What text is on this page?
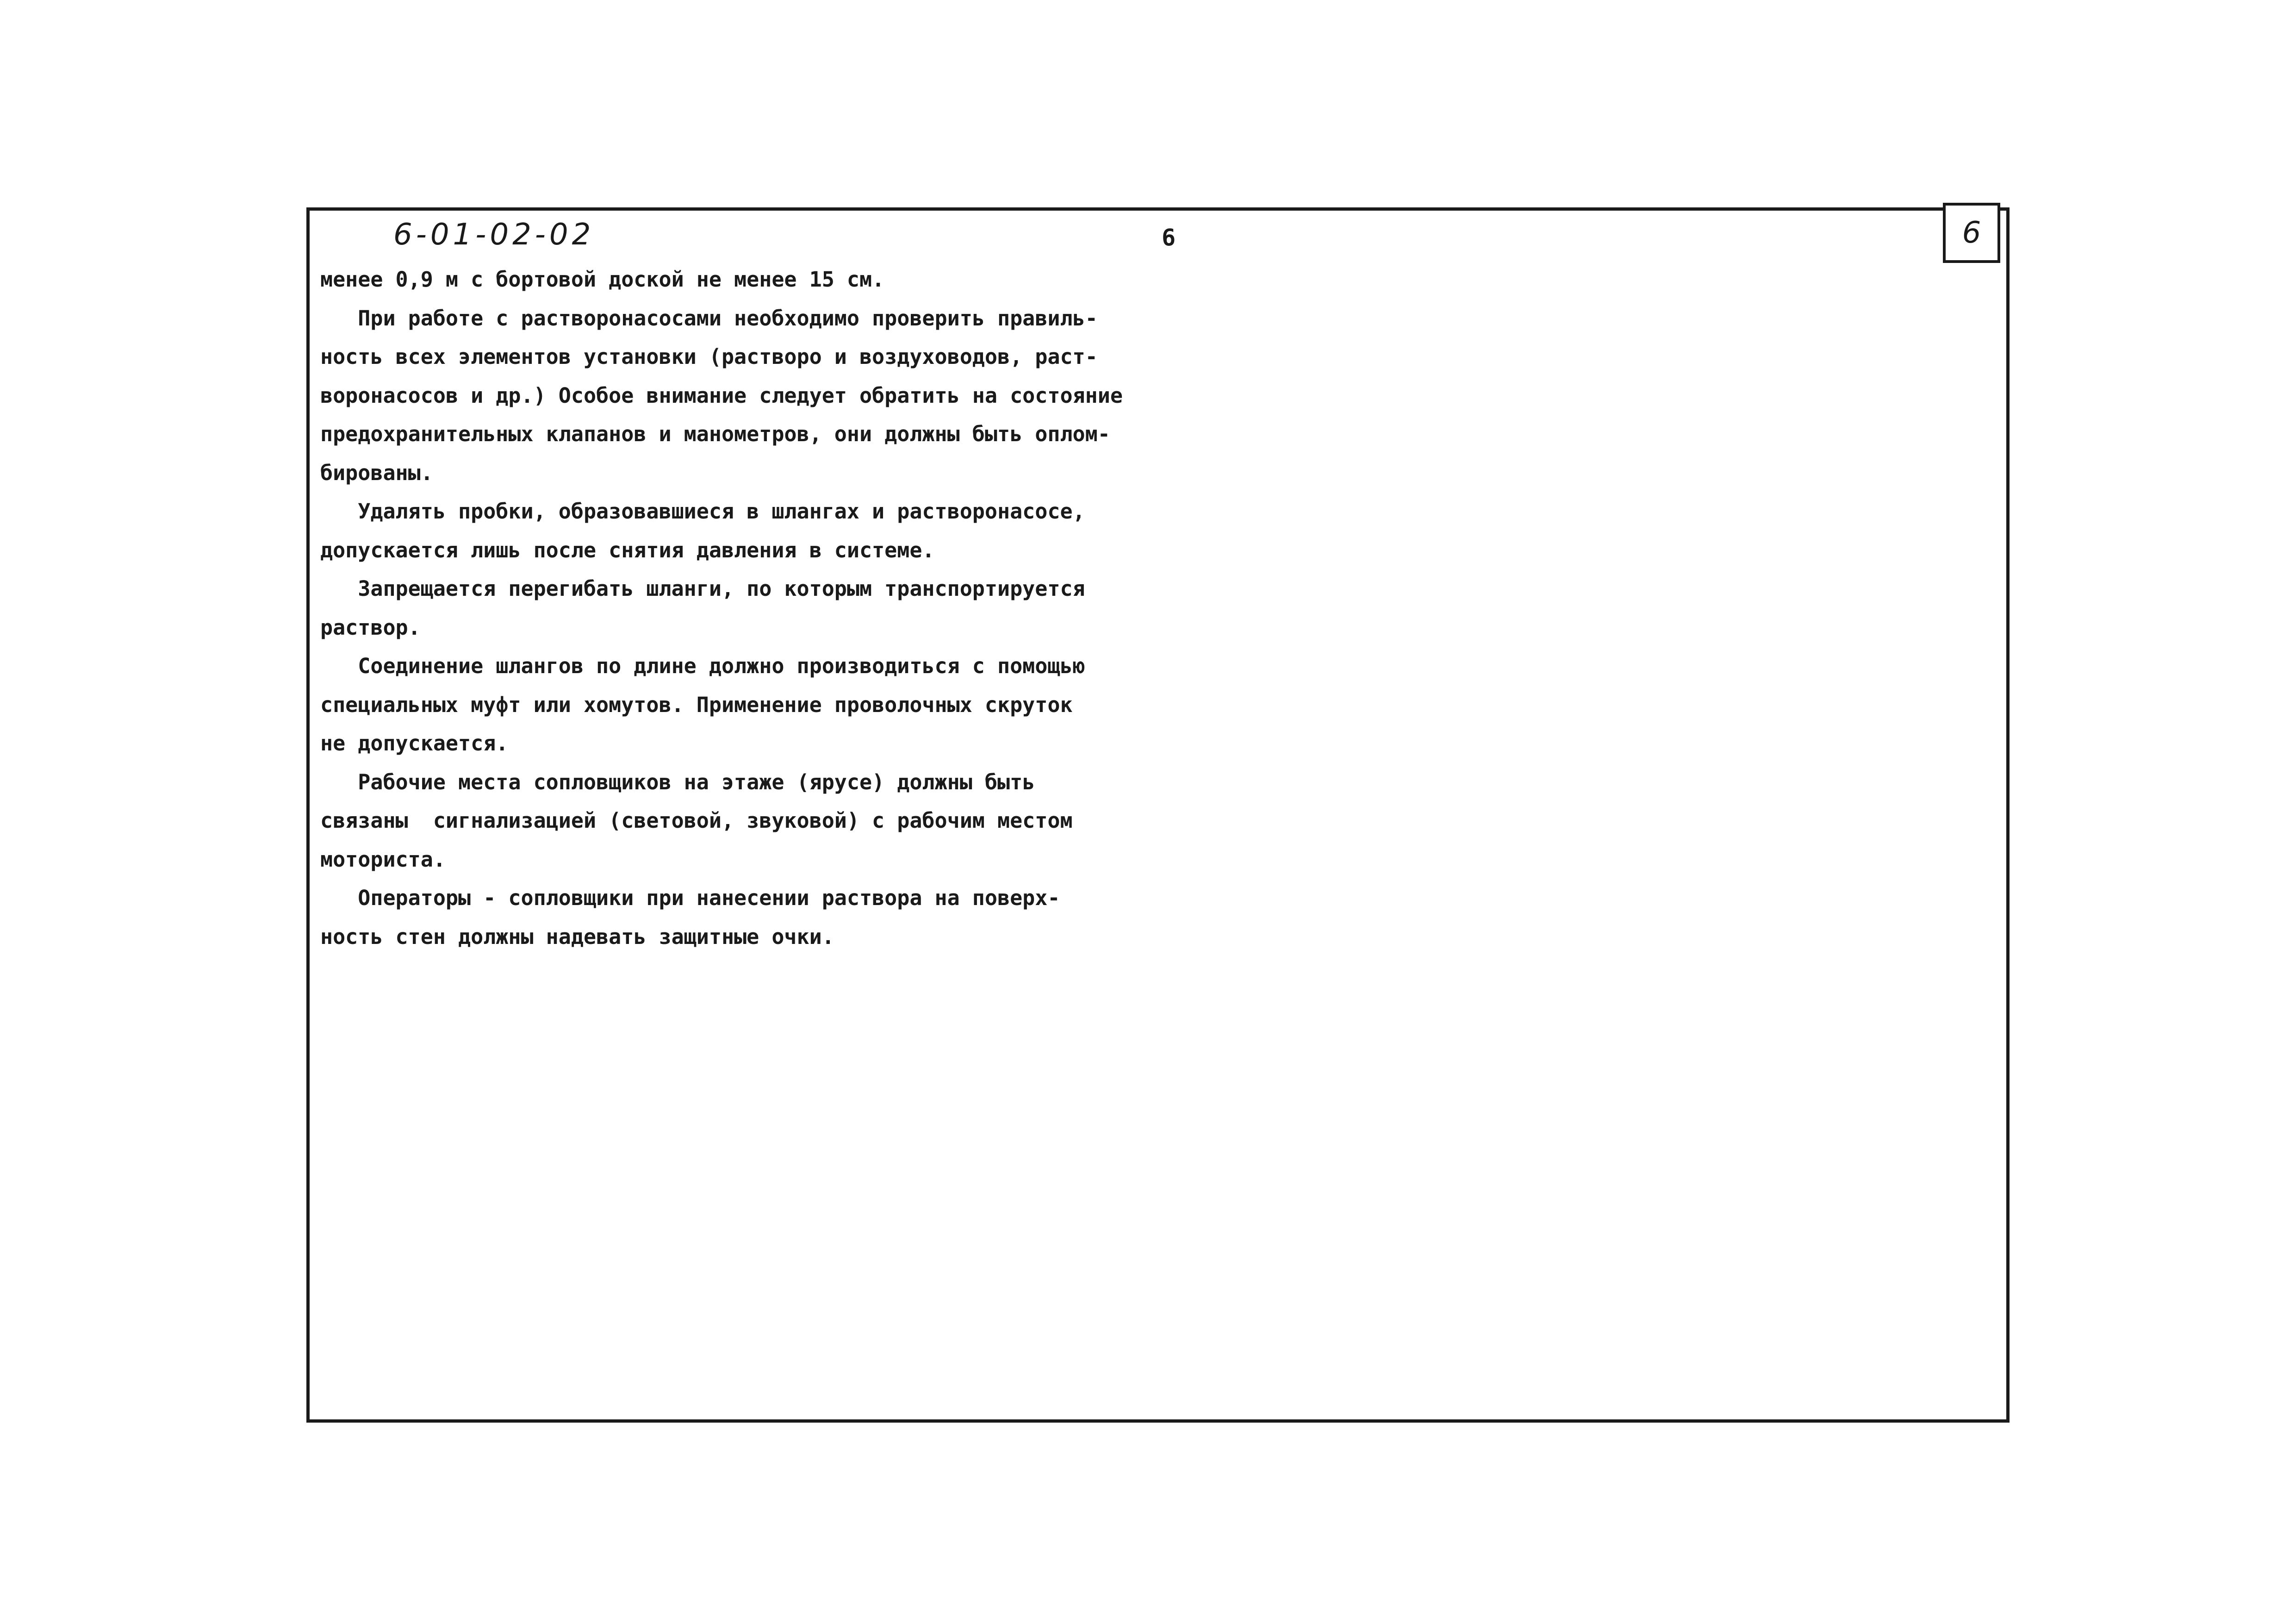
6-01-02-02	6	6

менее 0,9 м с бортовой доской не менее 15 см.

При работе с растворонасосами необходимо проверить правиль-

ность всех элементов установки (растворо и воздуховодов, раст-

воронасосов и др.) Особое внимание следует обратить на состояние

предохранительных клапанов и манометров, они должны быть оплом-

бированы.

Удалять пробки, образовавшиеся в шлангах и растворонасосе,

допускается лишь после снятия давления в системе.

Запрещается перегибать шланги, по которым транспортируется

раствор.

Соединение шлангов по длине должно производиться с помощью

специальных муфт или хомутов. Применение проволочных скруток

не допускается.

Рабочие места сопловщиков на этаже (ярусе) должны быть

связаны  сигнализацией (световой, звуковой) с рабочим местом

моториста.

Операторы - сопловщики при нанесении раствора на поверх-

ность стен должны надевать защитные очки.
